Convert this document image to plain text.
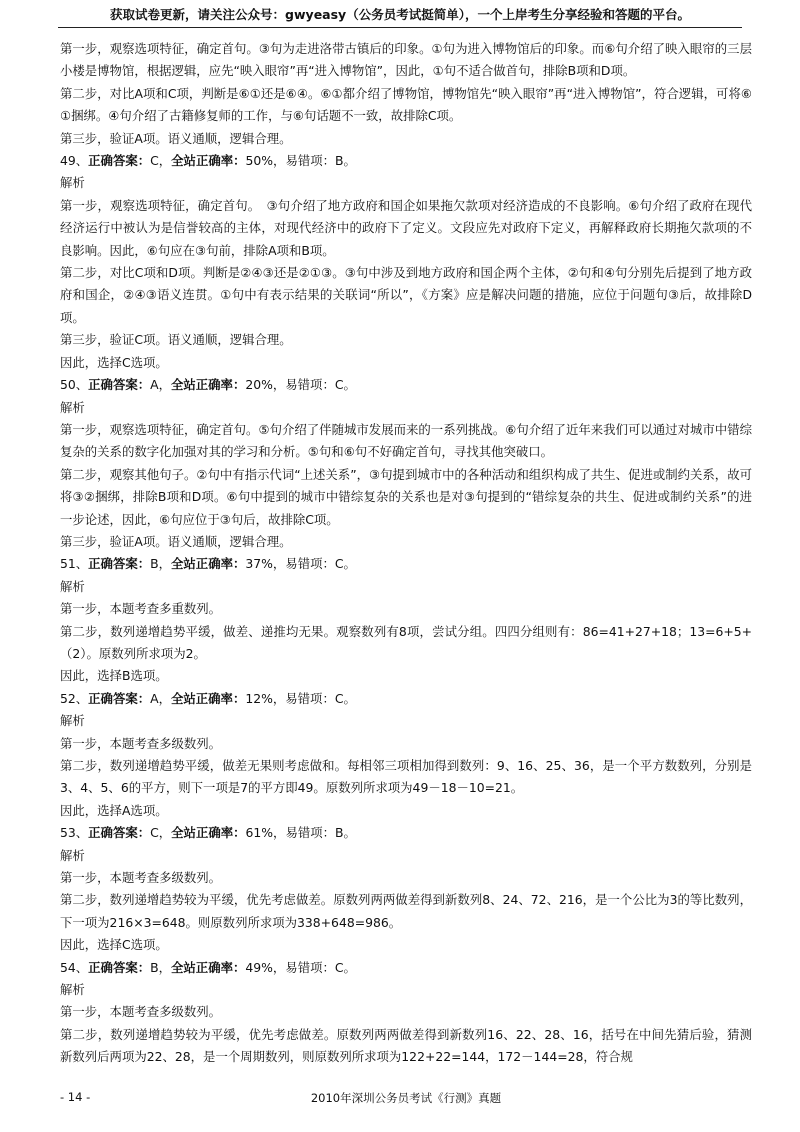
获取试卷更新，请关注公众号：gwyeasy（公务员考试挺简单），一个上岸考生分享经验和答题的平台。
第一步，观察选项特征，确定首句。③句为走进洛带古镇后的印象。①句为进入博物馆后的印象。而⑥句介绍了映入眼帘的三层小楼是博物馆，根据逻辑，应先“映入眼帘”再“进入博物馆”，因此，①句不适合做首句，排除B项和D项。
第二步，对比A项和C项，判断是⑥①还是⑥④。⑥①都介绍了博物馆，博物馆先“映入眼帘”再“进入博物馆”，符合逻辑，可将⑥①捆绑。④句介绍了古籍修复师的工作，与⑥句话题不一致，故排除C项。
第三步，验证A项。语义通顺，逻辑合理。
49、正确答案：C，全站正确率：50%，易错项：B。
解析
第一步，观察选项特征，确定首句。　③句介绍了地方政府和国企如果拖欠款项对经济造成的不良影响。⑥句介绍了政府在现代经济运行中被认为是信誉较高的主体，对现代经济中的政府下了定义。文段应先对政府下定义，再解释政府长期拖欠款项的不良影响。因此，⑥句应在③句前，排除A项和B项。
第二步，对比C项和D项。判断是②④③还是②①③。③句中涉及到地方政府和国企两个主体，②句和④句分别先后提到了地方政府和国企，②④③语义连贯。①句中有表示结果的关联词“所以”，《方案》应是解决问题的措施，应位于问题句③后，故排除D项。
第三步，验证C项。语义通顺，逻辑合理。
因此，选择C选项。
50、正确答案：A，全站正确率：20%，易错项：C。
解析
第一步，观察选项特征，确定首句。⑤句介绍了伴随城市发展而来的一系列挑战。⑥句介绍了近年来我们可以通过对城市中错综复杂的关系的数字化加强对其的学习和分析。⑤句和⑥句不好确定首句，寻找其他突破口。
第二步，观察其他句子。②句中有指示代词“上述关系”，③句提到城市中的各种活动和组织构成了共生、促进或制约关系，故可将③②捆绑，排除B项和D项。⑥句中提到的城市中错综复杂的关系也是对③句提到的“错综复杂的共生、促进或制约关系”的进一步论述，因此，⑥句应位于③句后，故排除C项。
第三步，验证A项。语义通顺，逻辑合理。
51、正确答案：B，全站正确率：37%，易错项：C。
解析
第一步，本题考查多重数列。
第二步，数列递增趋势平缓，做差、递推均无果。观察数列有8项，尝试分组。四四分组则有：86=41+27+18；13=6+5+（2）。原数列所求项为2。
因此，选择B选项。
52、正确答案：A，全站正确率：12%，易错项：C。
解析
第一步，本题考查多级数列。
第二步，数列递增趋势平缓，做差无果则考虑做和。每相邻三项相加得到数列：9、16、25、36，是一个平方数数列，分别是3、4、5、6的平方，则下一项是7的平方即49。原数列所求项为49－18－10=21。
因此，选择A选项。
53、正确答案：C，全站正确率：61%，易错项：B。
解析
第一步，本题考查多级数列。
第二步，数列递增趋势较为平缓，优先考虑做差。原数列两两做差得到新数列8、24、72、216，是一个公比为3的等比数列，下一项为216×3=648。则原数列所求项为338+648=986。
因此，选择C选项。
54、正确答案：B，全站正确率：49%，易错项：C。
解析
第一步，本题考查多级数列。
第二步，数列递增趋势较为平缓，优先考虑做差。原数列两两做差得到新数列16、22、28、16，括号在中间先猜后验，猜测新数列后两项为22、28，是一个周期数列，则原数列所求项为122+22=144，172－144=28，符合规
- 14 -	2010年深圳公务员考试《行测》真题
